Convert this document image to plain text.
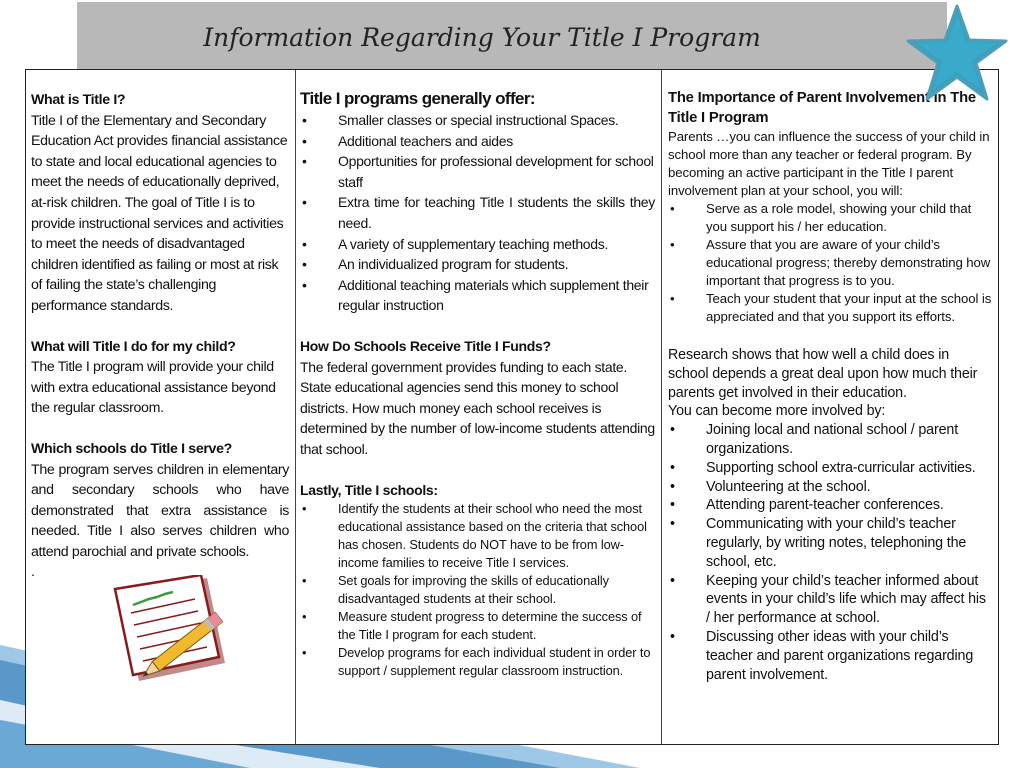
Information Regarding Your Title I Program

What is Title I?

Title I of the Elementary and Secondary Education Act provides financial assistance to state and local educational agencies to meet the needs of educationally deprived, at-risk children. The goal of Title I is to provide instructional services and activities to meet the needs of disadvantaged children identified as failing or most at risk of failing the state’s challenging performance standards.

What will Title I do for my child?

The Title I program will provide your child with extra educational assistance beyond the regular classroom.

Which schools do Title I serve?

The program serves children in elementary and secondary schools who have demonstrated that extra assistance is needed. Title I also serves children who attend parochial and private schools.

.

Title I programs generally offer:

• Smaller classes or special instructional Spaces.
• Additional teachers and aides
• Opportunities for professional development for school staff
• Extra time for teaching Title I students the skills they need.
• A variety of supplementary teaching methods.
• An individualized program for students.
• Additional teaching materials which supplement their regular instruction

How Do Schools Receive Title I Funds?

The federal government provides funding to each state. State educational agencies send this money to school districts. How much money each school receives is determined by the number of low-income students attending that school.

Lastly, Title I schools:

• Identify the students at their school who need the most educational assistance based on the criteria that school has chosen. Students do NOT have to be from low-income families to receive Title I services.
• Set goals for improving the skills of educationally disadvantaged students at their school.
• Measure student progress to determine the success of the Title I program for each student.
• Develop programs for each individual student in order to support / supplement regular classroom instruction.

The Importance of Parent Involvement in The Title I Program

Parents …you can influence the success of your child in school more than any teacher or federal program. By becoming an active participant in the Title I parent involvement plan at your school, you will:

• Serve as a role model, showing your child that you support his / her education.
• Assure that you are aware of your child’s educational progress; thereby demonstrating how important that progress is to you.
• Teach your student that your input at the school is appreciated and that you support its efforts.

Research shows that how well a child does in school depends a great deal upon how much their parents get involved in their education.

You can become more involved by:

• Joining local and national school / parent organizations.
• Supporting school extra-curricular activities.
• Volunteering at the school.
• Attending parent-teacher conferences.
• Communicating with your child’s teacher regularly, by writing notes, telephoning the school, etc.
• Keeping your child’s teacher informed about events in your child’s life which may affect his / her performance at school.
• Discussing other ideas with your child’s teacher and parent organizations regarding parent involvement.
